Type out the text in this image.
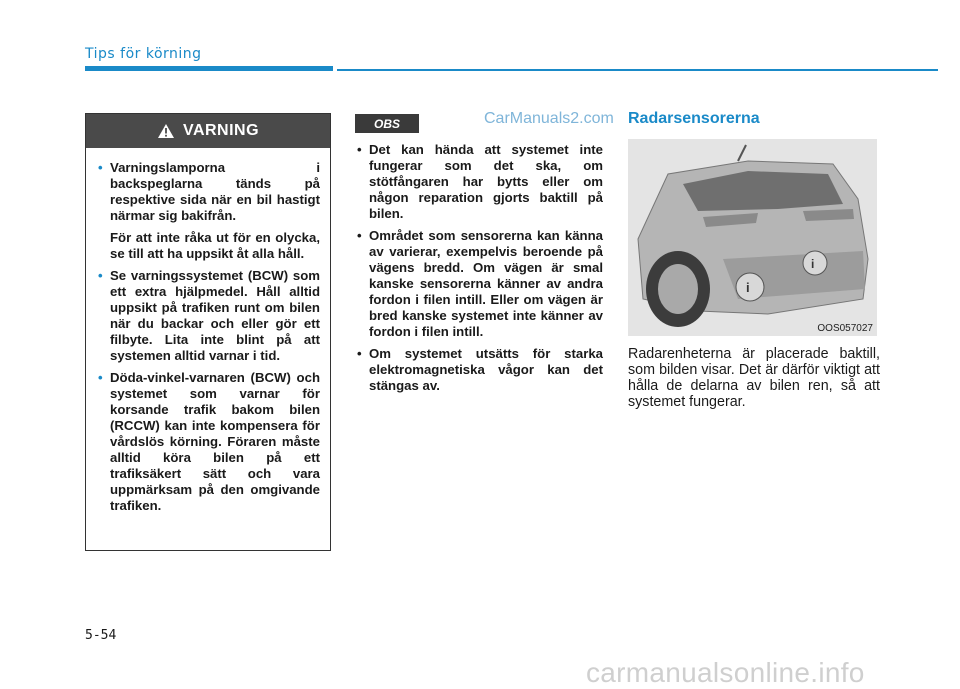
Tips för körning
VARNING
• Varningslamporna i backspeglarna tänds på respektive sida när en bil hastigt närmar sig bakifrån.
För att inte råka ut för en olycka, se till att ha uppsikt åt alla håll.
• Se varningssystemet (BCW) som ett extra hjälpmedel. Håll alltid uppsikt på trafiken runt om bilen när du backar och eller gör ett filbyte. Lita inte blint på att systemen alltid varnar i tid.
• Döda-vinkel-varnaren (BCW) och systemet som varnar för korsande trafik bakom bilen (RCCW) kan inte kompensera för vårdslös körning. Föraren måste alltid köra bilen på ett trafiksäkert sätt och vara uppmärksam på den omgivande trafiken.
OBS	CarManuals2.com
• Det kan hända att systemet inte fungerar som det ska, om stötfångaren har bytts eller om någon reparation gjorts baktill på bilen.
• Området som sensorerna kan känna av varierar, exempelvis beroende på vägens bredd. Om vägen är smal kanske sensorerna känner av andra fordon i filen intill. Eller om vägen är bred kanske systemet inte känner av fordon i filen intill.
• Om systemet utsätts för starka elektromagnetiska vågor kan det stängas av.
Radarsensorerna
i
i
OOS057027
Radarenheterna är placerade baktill, som bilden visar. Det är därför viktigt att hålla de delarna av bilen ren, så att systemet fungerar.
5-54
carmanualsonline.info
